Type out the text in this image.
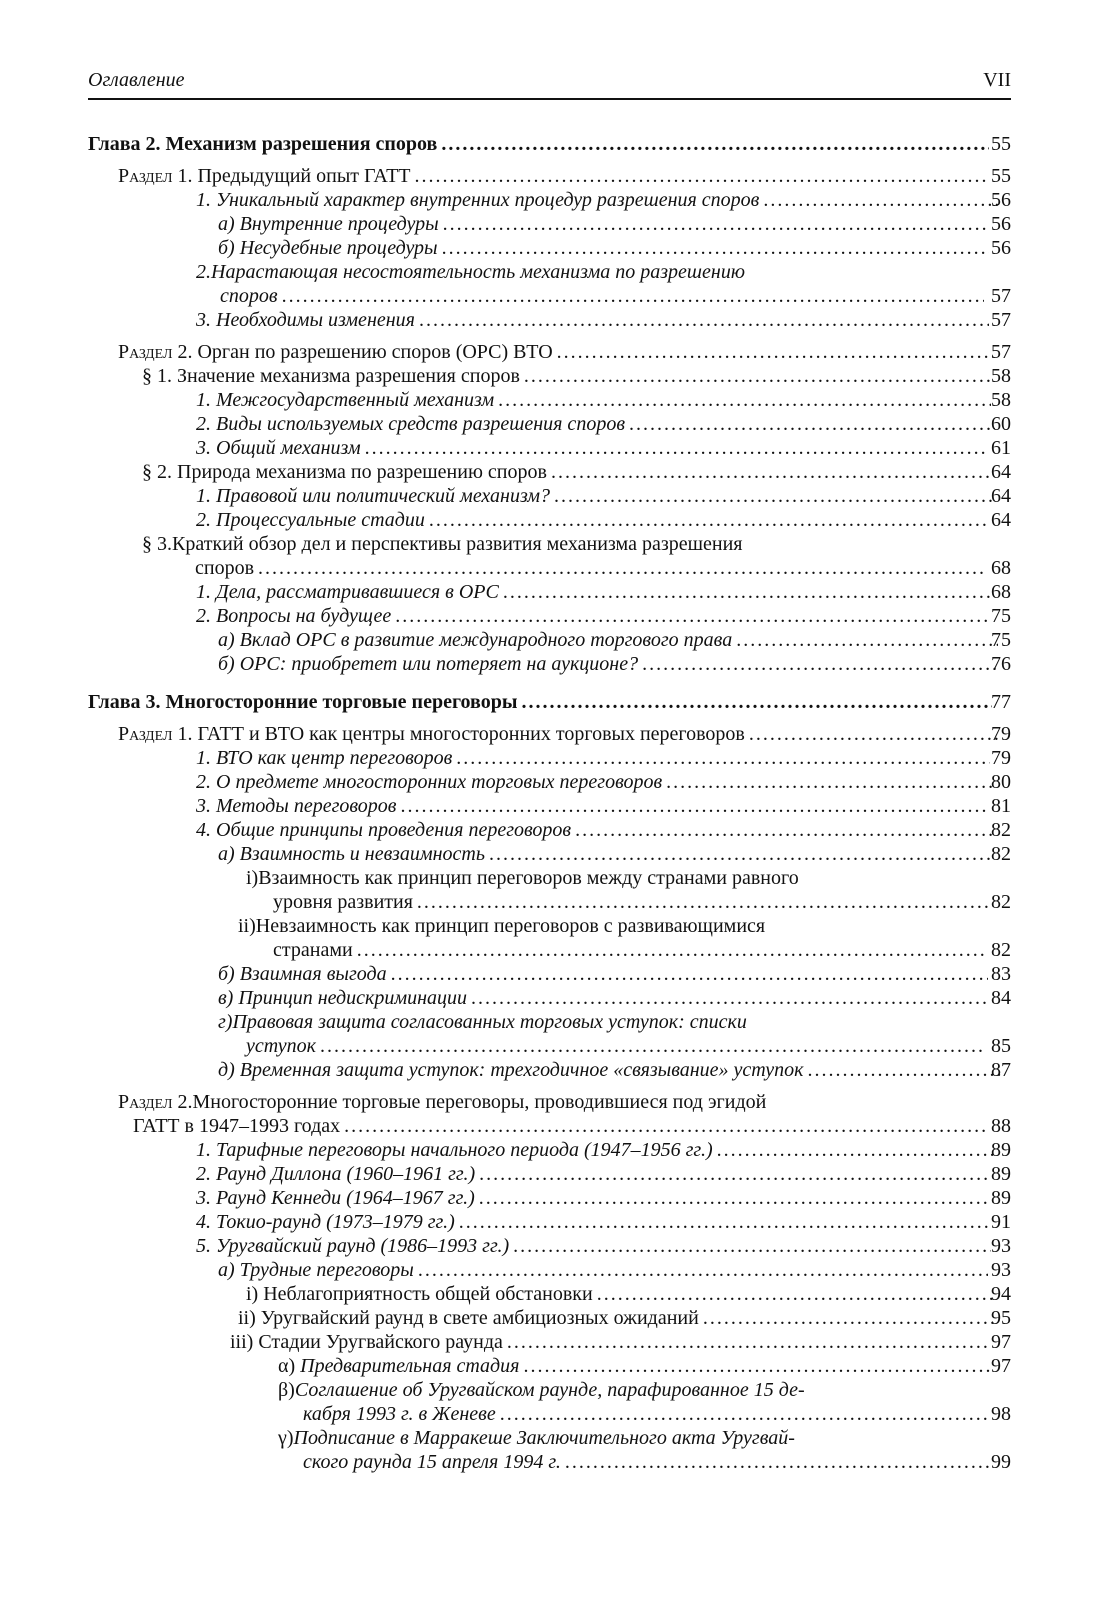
Оглавление	VII
Глава 2. Механизм разрешения споров .....	55
Раздел 1. Предыдущий опыт ГАТТ .....	55
1. Уникальный характер внутренних процедур разрешения споров .....	56
а) Внутренние процедуры .....	56
б) Несудебные процедуры .....	56
2. Нарастающая несостоятельность механизма по разрешению
споров .....	57
3. Необходимы изменения .....	57
Раздел 2. Орган по разрешению споров (ОРС) ВТО .....	57
§ 1. Значение механизма разрешения споров .....	58
1. Межгосударственный механизм .....	58
2. Виды используемых средств разрешения споров .....	60
3. Общий механизм .....	61
§ 2. Природа механизма по разрешению споров .....	64
1. Правовой или политический механизм? .....	64
2. Процессуальные стадии .....	64
§ 3. Краткий обзор дел и перспективы развития механизма разрешения
споров .....	68
1. Дела, рассматривавшиеся в ОРС .....	68
2. Вопросы на будущее .....	75
а) Вклад ОРС в развитие международного торгового права .....	75
б) ОРС: приобретет или потеряет на аукционе? .....	76
Глава 3. Многосторонние торговые переговоры .....	77
Раздел 1. ГАТТ и ВТО как центры многосторонних торговых переговоров .....	79
1. ВТО как центр переговоров .....	79
2. О предмете многосторонних торговых переговоров .....	80
3. Методы переговоров .....	81
4. Общие принципы проведения переговоров .....	82
а) Взаимность и невзаимность .....	82
i) Взаимность как принцип переговоров между странами равного
уровня развития .....	82
ii) Невзаимность как принцип переговоров с развивающимися
странами .....	82
б) Взаимная выгода .....	83
в) Принцип недискриминации .....	84
г) Правовая защита согласованных торговых уступок: списки
уступок .....	85
д) Временная защита уступок: трехгодичное «связывание» уступок .....	87
Раздел 2. Многосторонние торговые переговоры, проводившиеся под эгидой
ГАТТ в 1947–1993 годах .....	88
1. Тарифные переговоры начального периода (1947–1956 гг.) .....	89
2. Раунд Диллона (1960–1961 гг.) .....	89
3. Раунд Кеннеди (1964–1967 гг.) .....	89
4. Токио-раунд (1973–1979 гг.) .....	91
5. Уругвайский раунд (1986–1993 гг.) .....	93
а) Трудные переговоры .....	93
i) Неблагоприятность общей обстановки .....	94
ii) Уругвайский раунд в свете амбициозных ожиданий .....	95
iii) Стадии Уругвайского раунда .....	97
α) Предварительная стадия .....	97
β) Соглашение об Уругвайском раунде, парафированное 15 де-
кабря 1993 г. в Женеве .....	98
γ) Подписание в Марракеше Заключительного акта Уругвай-
ского раунда 15 апреля 1994 г. .....	99
